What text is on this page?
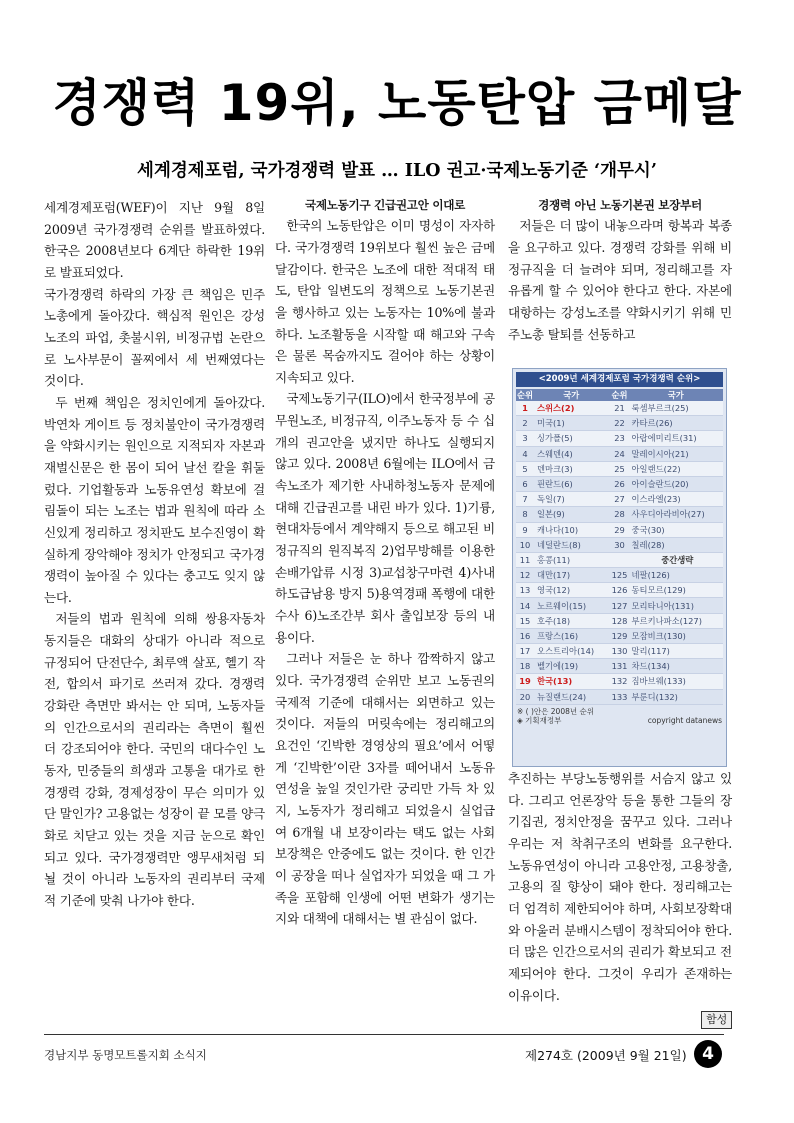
경쟁력 19위, 노동탄압 금메달
세계경제포럼, 국가경쟁력 발표 … ILO 권고·국제노동기준 ‘개무시’

세계경제포럼(WEF)이 지난 9월 8일 2009년 국가경쟁력 순위를 발표하였다. 한국은 2008년보다 6계단 하락한 19위로 발표되었다.

국가경쟁력 하락의 가장 큰 책임은 민주노총에게 돌아갔다. 핵심적 원인은 강성노조의 파업, 촛불시위, 비정규법 논란으로 노사부문이 꼴찌에서 세 번째였다는 것이다.

두 번째 책임은 정치인에게 돌아갔다. 박연차 게이트 등 정치불안이 국가경쟁력을 약화시키는 원인으로 지적되자 자본과 재벌신문은 한 몸이 되어 날선 칼을 휘둘렀다. 기업활동과 노동유연성 확보에 걸림돌이 되는 노조는 법과 원칙에 따라 소신있게 정리하고 정치판도 보수진영이 확실하게 장악해야 정치가 안정되고 국가경쟁력이 높아질 수 있다는 충고도 잊지 않는다.

저들의 법과 원칙에 의해 쌍용자동차 동지들은 대화의 상대가 아니라 적으로 규정되어 단전단수, 최루액 살포, 헬기 작전, 합의서 파기로 쓰러져 갔다. 경쟁력 강화란 측면만 봐서는 안 되며, 노동자들의 인간으로서의 권리라는 측면이 훨씬 더 강조되어야 한다. 국민의 대다수인 노동자, 민중들의 희생과 고통을 대가로 한 경쟁력 강화, 경제성장이 무슨 의미가 있단 말인가? 고용없는 성장이 끝 모를 양극화로 치닫고 있는 것을 지금 눈으로 확인되고 있다. 국가경쟁력만 앵무새처럼 되뇔 것이 아니라 노동자의 권리부터 국제적 기준에 맞춰 나가야 한다.

국제노동기구 긴급권고안 이대로

한국의 노동탄압은 이미 명성이 자자하다. 국가경쟁력 19위보다 훨씬 높은 금메달감이다. 한국은 노조에 대한 적대적 태도, 탄압 일변도의 정책으로 노동기본권을 행사하고 있는 노동자는 10%에 불과하다. 노조활동을 시작할 때 해고와 구속은 물론 목숨까지도 걸어야 하는 상황이 지속되고 있다.

국제노동기구(ILO)에서 한국정부에 공무원노조, 비정규직, 이주노동자 등 수 십개의 권고안을 냈지만 하나도 실행되지 않고 있다. 2008년 6월에는 ILO에서 금속노조가 제기한 사내하청노동자 문제에 대해 긴급권고를 내린 바가 있다. 1)기륭, 현대차등에서 계약해지 등으로 해고된 비정규직의 원직복직 2)업무방해를 이용한 손배가압류 시정 3)교섭창구마련 4)사내 하도급남용 방지 5)용역경패 폭행에 대한 수사 6)노조간부 회사 출입보장 등의 내용이다.

그러나 저들은 눈 하나 깜짝하지 않고 있다. 국가경쟁력 순위만 보고 노동권의 국제적 기준에 대해서는 외면하고 있는 것이다. 저들의 머릿속에는 정리해고의 요건인 ‘긴박한 경영상의 필요’에서 어떻게 ‘긴박한’이란 3자를 떼어내서 노동유연성을 높일 것인가란 궁리만 가득 차 있지, 노동자가 정리해고 되었을시 실업급여 6개월 내 보장이라는 택도 없는 사회보장책은 안중에도 없는 것이다. 한 인간이 공장을 떠나 실업자가 되었을 때 그 가족을 포함해 인생에 어떤 변화가 생기는지와 대책에 대해서는 별 관심이 없다.

경쟁력 아닌 노동기본권 보장부터

저들은 더 많이 내놓으라며 항복과 복종을 요구하고 있다. 경쟁력 강화를 위해 비정규직을 더 늘려야 되며, 정리해고를 자유롭게 할 수 있어야 한다고 한다. 자본에 대항하는 강성노조를 약화시키기 위해 민주노총 탈퇴를 선동하고

<2009년 세계경제포럼 국가경쟁력 순위>
순위	국가		순위	국가
1	스위스(2)		21	룩셈부르크(25)
2	미국(1)		22	카타르(26)
3	싱가폴(5)		23	아랍에미리트(31)
4	스웨덴(4)		24	말레이시아(21)
5	덴마크(3)		25	아일랜드(22)
6	핀란드(6)		26	아이슬란드(20)
7	독일(7)		27	이스라엘(23)
8	일본(9)		28	사우디아라비아(27)
9	캐나다(10)		29	중국(30)
10	네덜란드(8)		30	칠레(28)
11	홍콩(11)			중간생략
12	대만(17)		125	네팔(126)
13	영국(12)		126	동티모르(129)
14	노르웨이(15)		127	모리타니아(131)
15	호주(18)		128	부르키나파소(127)
16	프랑스(16)		129	모잠비크(130)
17	오스트리아(14)		130	말리(117)
18	벨기에(19)		131	차드(134)
19	한국(13)		132	짐바브웨(133)
20	뉴질랜드(24)		133	부룬디(132)
※ ( )안은 2008년 순위
◈ 기획재정부	copyright datanews

추진하는 부당노동행위를 서슴지 않고 있다. 그리고 언론장악 등을 통한 그들의 장기집권, 정치안정을 꿈꾸고 있다. 그러나 우리는 저 착취구조의 변화를 요구한다. 노동유연성이 아니라 고용안정, 고용창출, 고용의 질 향상이 돼야 한다. 정리해고는 더 엄격히 제한되어야 하며, 사회보장확대와 아울러 분배시스템이 정착되어야 한다. 더 많은 인간으로서의 권리가 확보되고 전제되어야 한다. 그것이 우리가 존재하는 이유이다.

함성
경남지부 동명모트롤지회 소식지	제274호 (2009년 9월 21일) 4
